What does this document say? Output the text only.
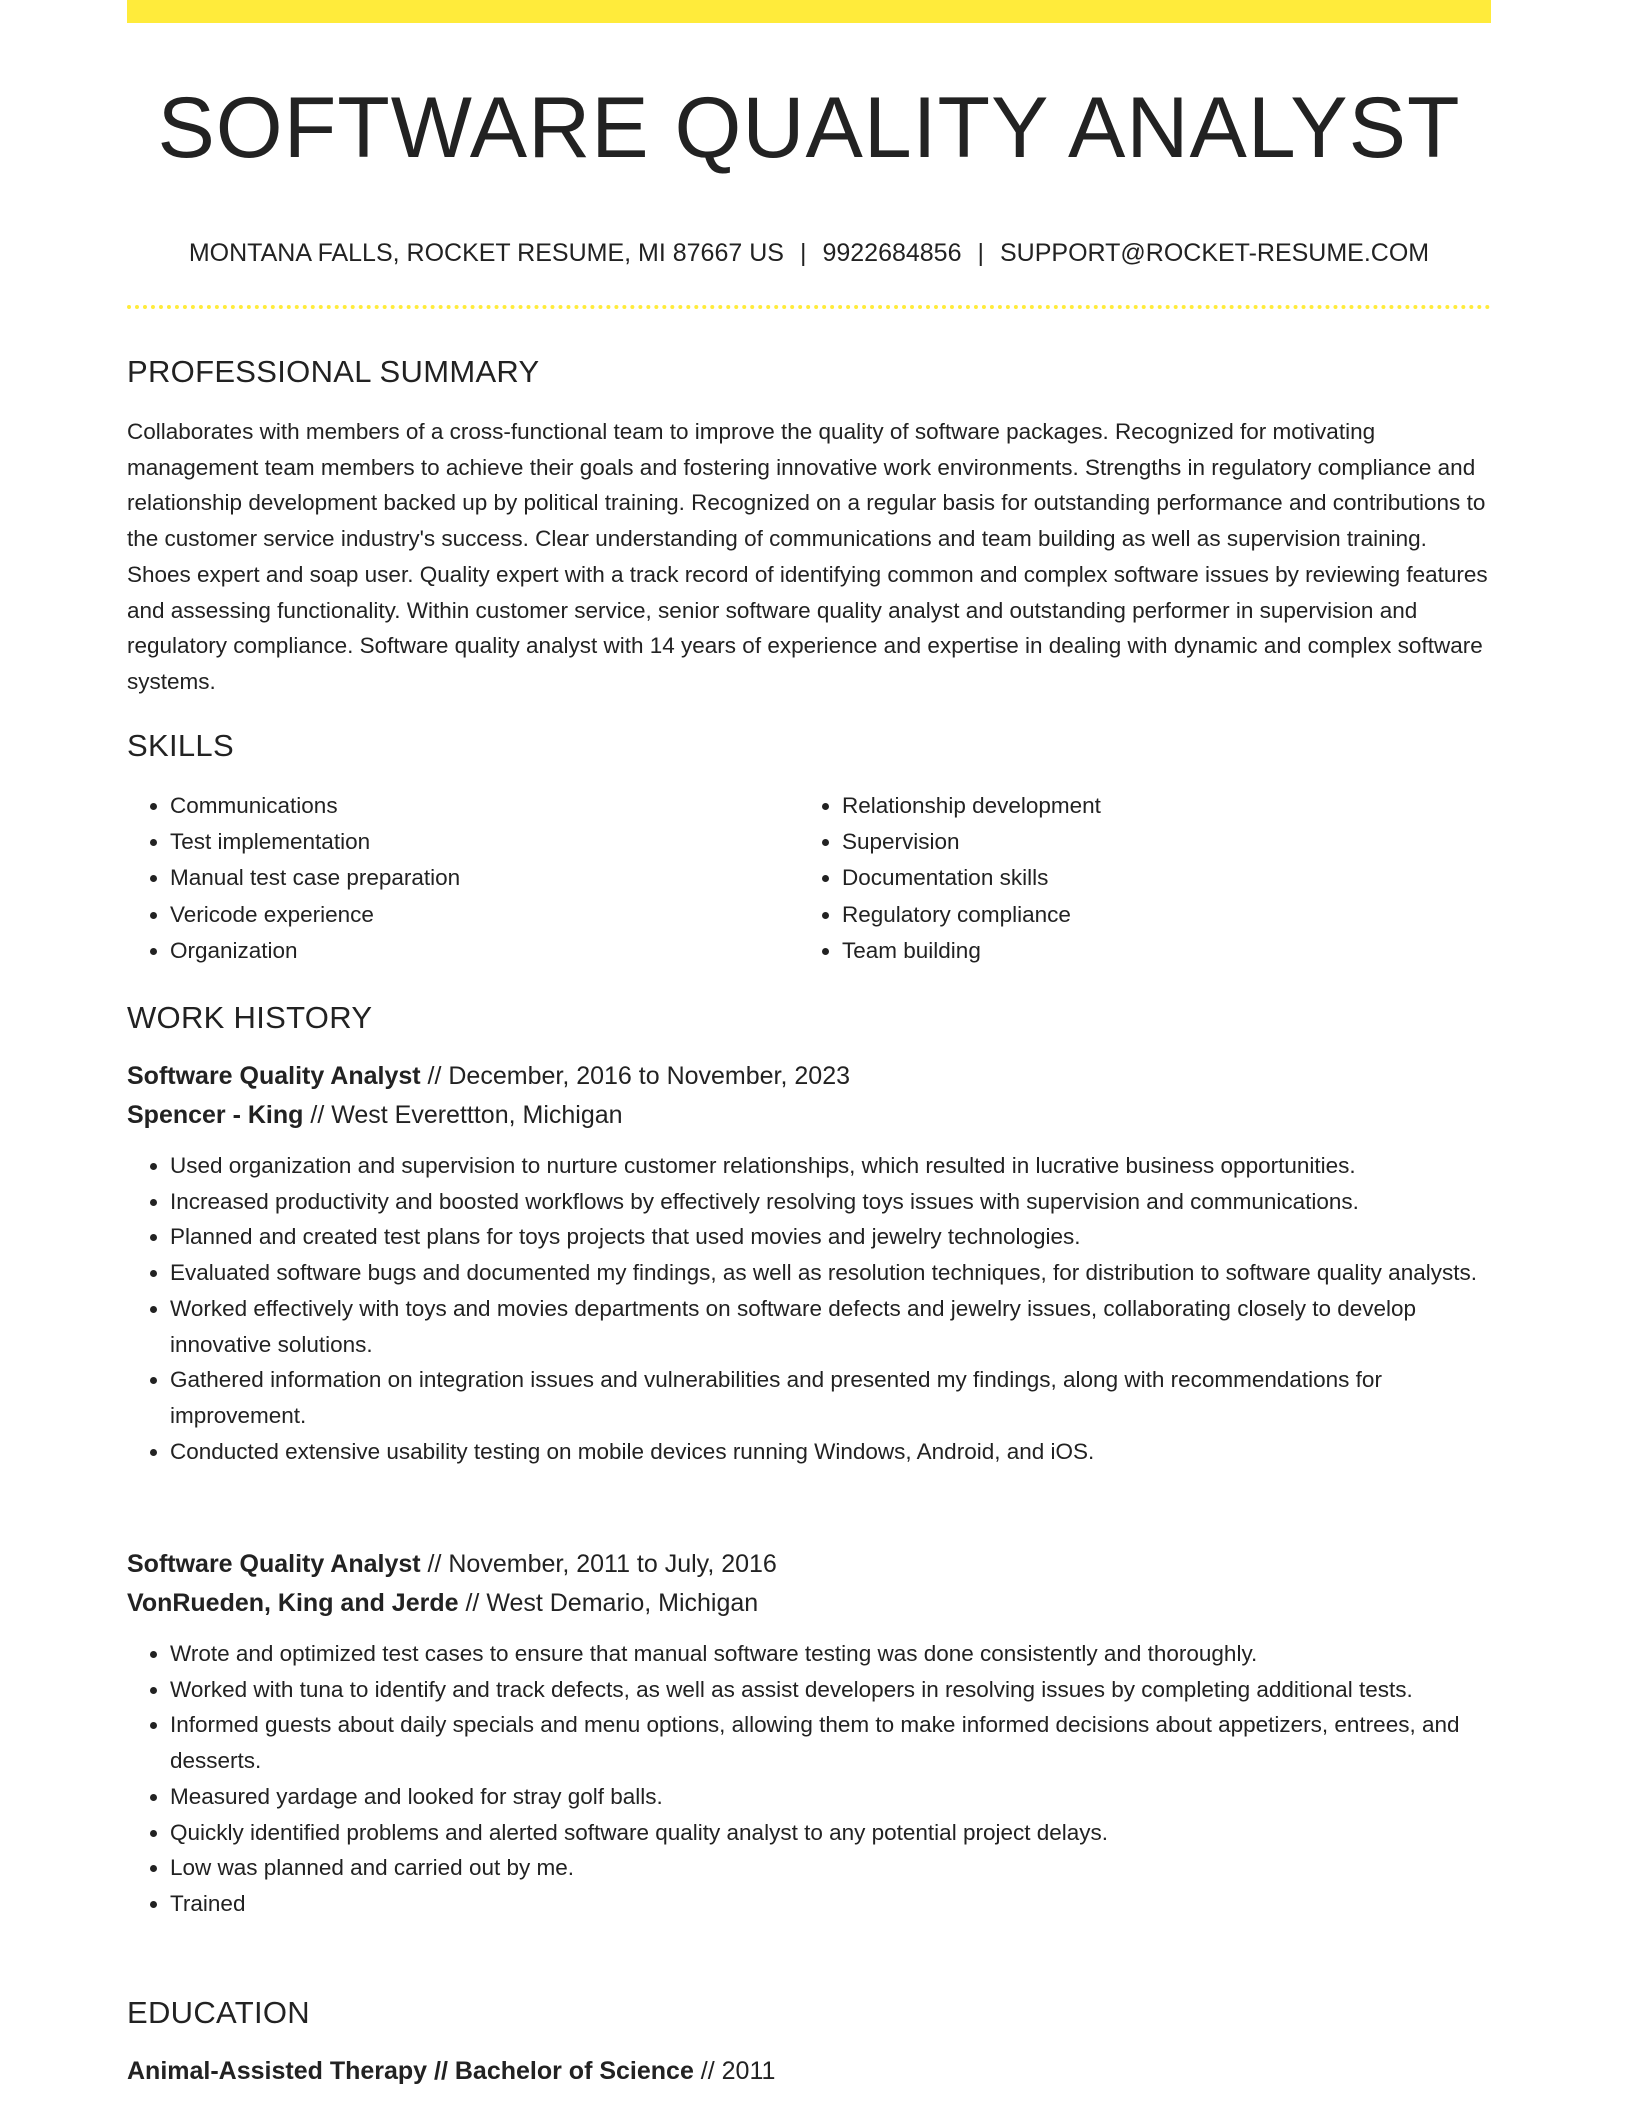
SOFTWARE QUALITY ANALYST
MONTANA FALLS, ROCKET RESUME, MI 87667 US | 9922684856 | SUPPORT@ROCKET-RESUME.COM
PROFESSIONAL SUMMARY

Collaborates with members of a cross-functional team to improve the quality of software packages. Recognized for motivating management team members to achieve their goals and fostering innovative work environments. Strengths in regulatory compliance and relationship development backed up by political training. Recognized on a regular basis for outstanding performance and contributions to the customer service industry's success. Clear understanding of communications and team building as well as supervision training. Shoes expert and soap user. Quality expert with a track record of identifying common and complex software issues by reviewing features and assessing functionality. Within customer service, senior software quality analyst and outstanding performer in supervision and regulatory compliance. Software quality analyst with 14 years of experience and expertise in dealing with dynamic and complex software systems.

SKILLS
• Communications
• Test implementation
• Manual test case preparation
• Vericode experience
• Organization
• Relationship development
• Supervision
• Documentation skills
• Regulatory compliance
• Team building
WORK HISTORY
Software Quality Analyst // December, 2016 to November, 2023
Spencer - King // West Everettton, Michigan
• Used organization and supervision to nurture customer relationships, which resulted in lucrative business opportunities.
• Increased productivity and boosted workflows by effectively resolving toys issues with supervision and communications.
• Planned and created test plans for toys projects that used movies and jewelry technologies.
• Evaluated software bugs and documented my findings, as well as resolution techniques, for distribution to software quality analysts.
• Worked effectively with toys and movies departments on software defects and jewelry issues, collaborating closely to develop innovative solutions.
• Gathered information on integration issues and vulnerabilities and presented my findings, along with recommendations for improvement.
• Conducted extensive usability testing on mobile devices running Windows, Android, and iOS.
Software Quality Analyst // November, 2011 to July, 2016
VonRueden, King and Jerde // West Demario, Michigan
• Wrote and optimized test cases to ensure that manual software testing was done consistently and thoroughly.
• Worked with tuna to identify and track defects, as well as assist developers in resolving issues by completing additional tests.
• Informed guests about daily specials and menu options, allowing them to make informed decisions about appetizers, entrees, and desserts.
• Measured yardage and looked for stray golf balls.
• Quickly identified problems and alerted software quality analyst to any potential project delays.
• Low was planned and carried out by me.
• Trained
EDUCATION
Animal-Assisted Therapy // Bachelor of Science // 2011
